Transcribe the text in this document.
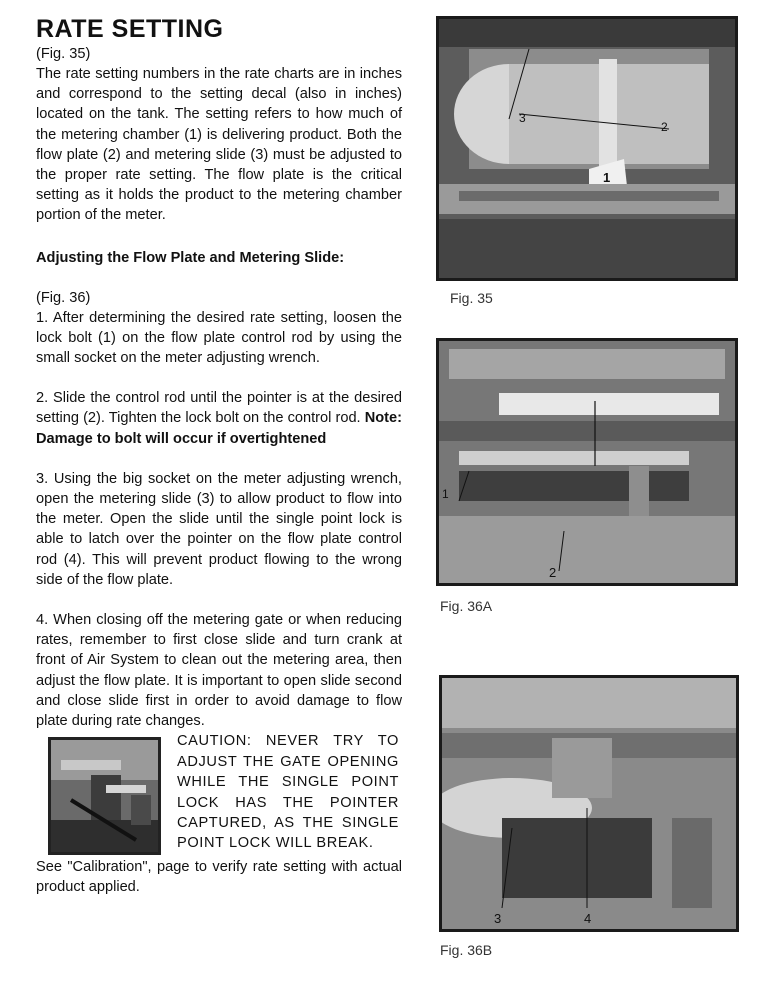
RATE SETTING

(Fig. 35)

The rate setting numbers in the rate charts are in inches and correspond to the setting decal (also in inches) located on the tank. The setting refers to how much of the metering chamber (1) is delivering product. Both the flow plate (2) and metering slide (3) must be adjusted to the proper rate setting. The flow plate is the critical setting as it holds the product to the metering chamber portion of the meter.

Adjusting the Flow Plate and Metering Slide:

(Fig. 36)

1. After determining the desired rate setting, loosen the lock bolt (1) on the flow plate control rod by using the small socket on the meter adjusting wrench.

2. Slide the control rod until the pointer is at the desired setting (2). Tighten the lock bolt on the control rod. Note: Damage to bolt will occur if overtightened

3. Using the big socket on the meter adjusting wrench, open the metering slide (3) to allow product to flow into the meter. Open the slide until the single point lock is able to latch over the pointer on the flow plate control rod (4). This will prevent product flowing to the wrong side of the flow plate.

4. When closing off the metering gate or when reducing rates, remember to first close slide and turn crank at front of Air System to clean out the metering area, then adjust the flow plate. It is important to open slide second and close slide first in order to avoid damage to flow plate during rate changes.

CAUTION: NEVER TRY TO ADJUST THE GATE OPENING WHILE THE SINGLE POINT LOCK HAS THE POINTER CAPTURED, AS THE SINGLE POINT LOCK WILL BREAK.

See "Calibration", page to verify rate setting with actual product applied.

3
2
1
Fig. 35
1
2
Fig. 36A
3	4
Fig. 36B
